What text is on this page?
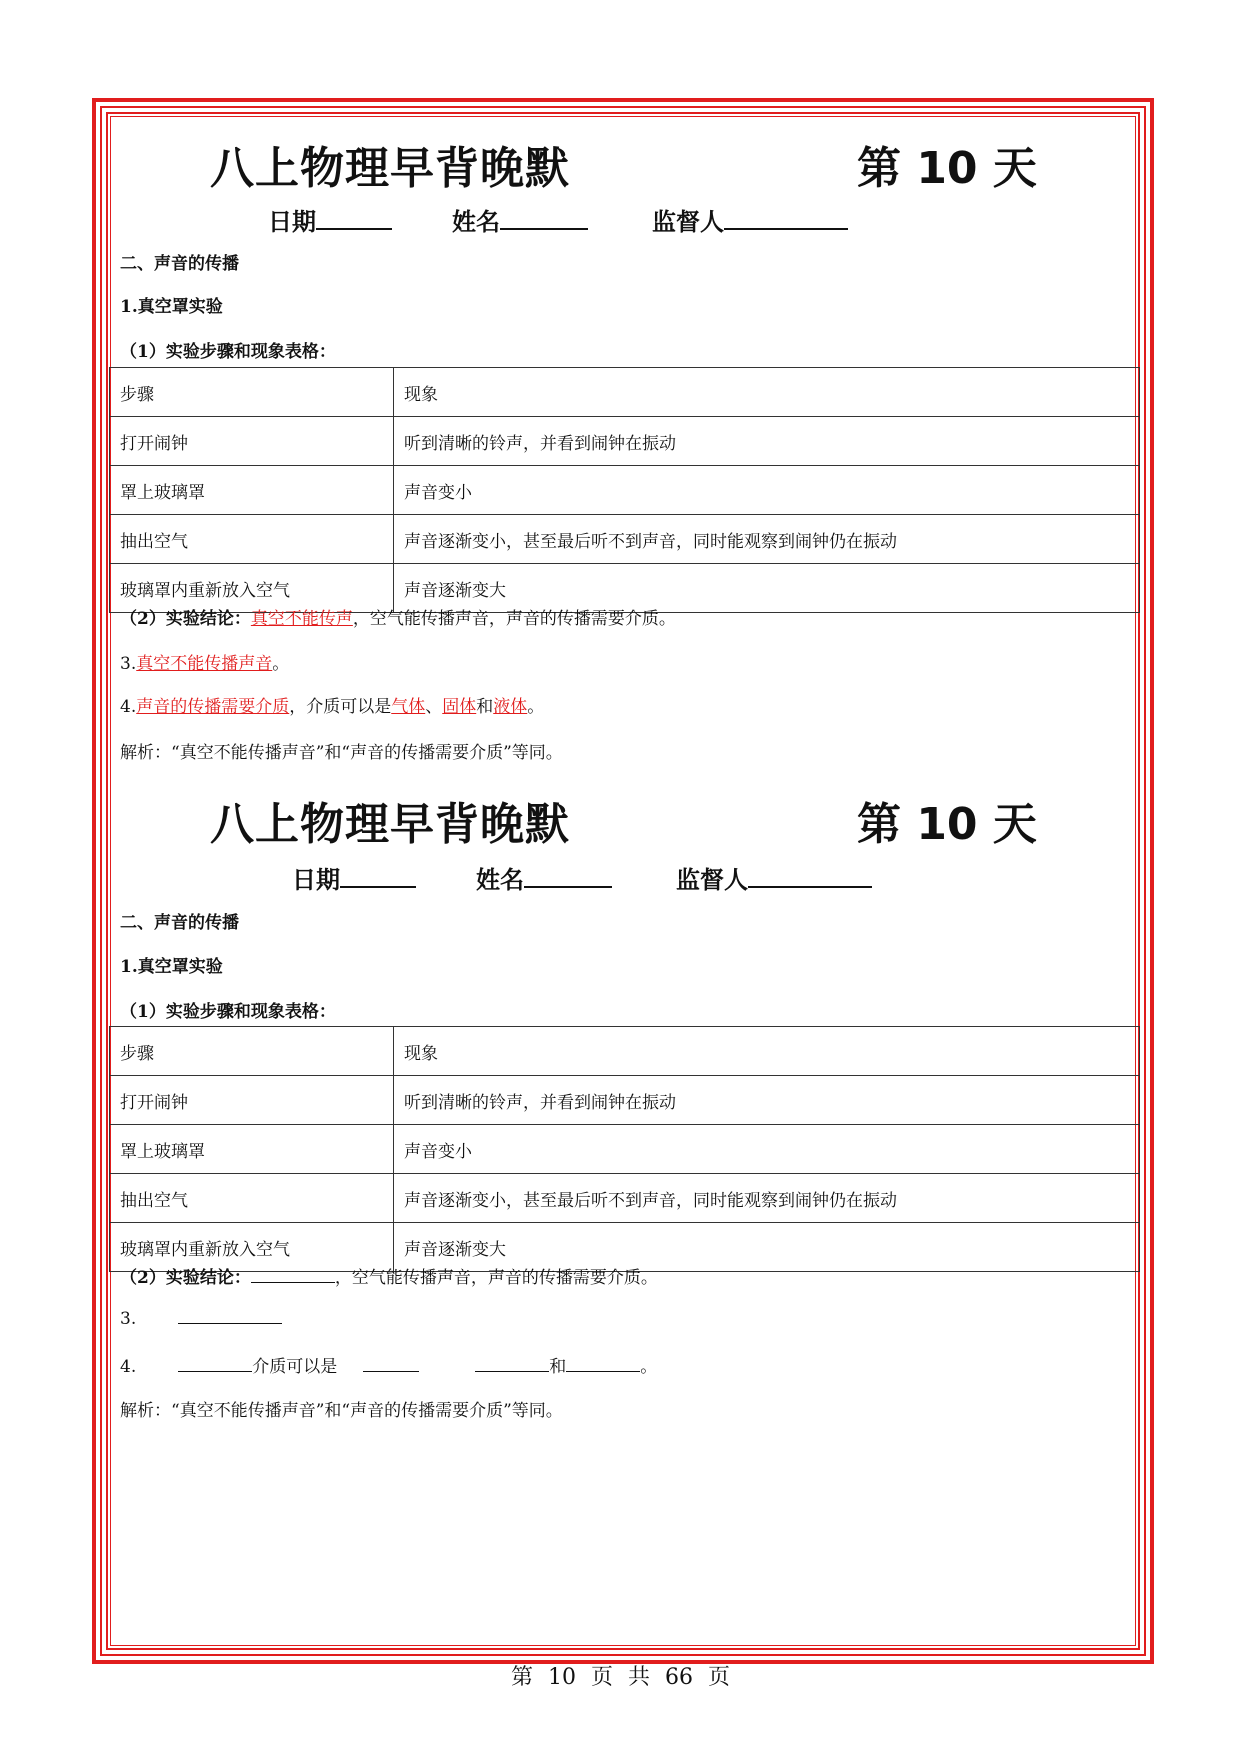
八上物理早背晚默	第 10 天
日期	姓名	监督人
二、声音的传播
1.真空罩实验
（1）实验步骤和现象表格：
步骤	现象
打开闹钟	听到清晰的铃声，并看到闹钟在振动
罩上玻璃罩	声音变小
抽出空气	声音逐渐变小，甚至最后听不到声音，同时能观察到闹钟仍在振动
玻璃罩内重新放入空气	声音逐渐变大
（2）实验结论：真空不能传声，空气能传播声音，声音的传播需要介质。
3.真空不能传播声音。
4.声音的传播需要介质，介质可以是气体、固体和液体。
解析：“真空不能传播声音”和“声音的传播需要介质”等同。
八上物理早背晚默	第 10 天
日期	姓名	监督人
二、声音的传播
1.真空罩实验
（1）实验步骤和现象表格：
步骤	现象
打开闹钟	听到清晰的铃声，并看到闹钟在振动
罩上玻璃罩	声音变小
抽出空气	声音逐渐变小，甚至最后听不到声音，同时能观察到闹钟仍在振动
玻璃罩内重新放入空气	声音逐渐变大
（2）实验结论：	，空气能传播声音，声音的传播需要介质。
3.
4.	介质可以是	和	。
解析：“真空不能传播声音”和“声音的传播需要介质”等同。
第 10 页 共 66 页
